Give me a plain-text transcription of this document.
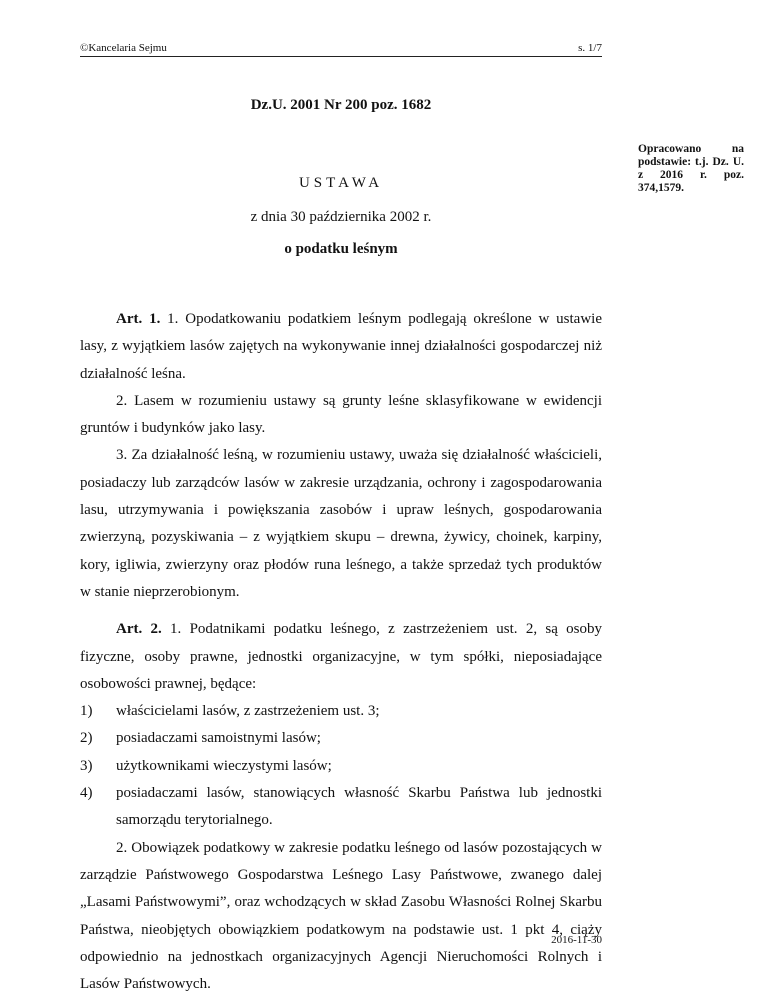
©Kancelaria Sejmu	s. 1/7
Dz.U. 2001 Nr 200 poz. 1682
Opracowano na podstawie: t.j. Dz. U. z 2016 r. poz. 374,1579.
USTAWA
z dnia 30 października 2002 r.
o podatku leśnym

Art. 1. 1. Opodatkowaniu podatkiem leśnym podlegają określone w ustawie lasy, z wyjątkiem lasów zajętych na wykonywanie innej działalności gospodarczej niż działalność leśna.

2. Lasem w rozumieniu ustawy są grunty leśne sklasyfikowane w ewidencji gruntów i budynków jako lasy.

3. Za działalność leśną, w rozumieniu ustawy, uważa się działalność właścicieli, posiadaczy lub zarządców lasów w zakresie urządzania, ochrony i zagospodarowania lasu, utrzymywania i powiększania zasobów i upraw leśnych, gospodarowania zwierzyną, pozyskiwania – z wyjątkiem skupu – drewna, żywicy, choinek, karpiny, kory, igliwia, zwierzyny oraz płodów runa leśnego, a także sprzedaż tych produktów w stanie nieprzerobionym.

Art. 2. 1. Podatnikami podatku leśnego, z zastrzeżeniem ust. 2, są osoby fizyczne, osoby prawne, jednostki organizacyjne, w tym spółki, nieposiadające osobowości prawnej, będące:

1) właścicielami lasów, z zastrzeżeniem ust. 3;
2) posiadaczami samoistnymi lasów;
3) użytkownikami wieczystymi lasów;
4) posiadaczami lasów, stanowiących własność Skarbu Państwa lub jednostki samorządu terytorialnego.

2. Obowiązek podatkowy w zakresie podatku leśnego od lasów pozostających w zarządzie Państwowego Gospodarstwa Leśnego Lasy Państwowe, zwanego dalej „Lasami Państwowymi”, oraz wchodzących w skład Zasobu Własności Rolnej Skarbu Państwa, nieobjętych obowiązkiem podatkowym na podstawie ust. 1 pkt 4, ciąży odpowiednio na jednostkach organizacyjnych Agencji Nieruchomości Rolnych i Lasów Państwowych.

2016-11-30
